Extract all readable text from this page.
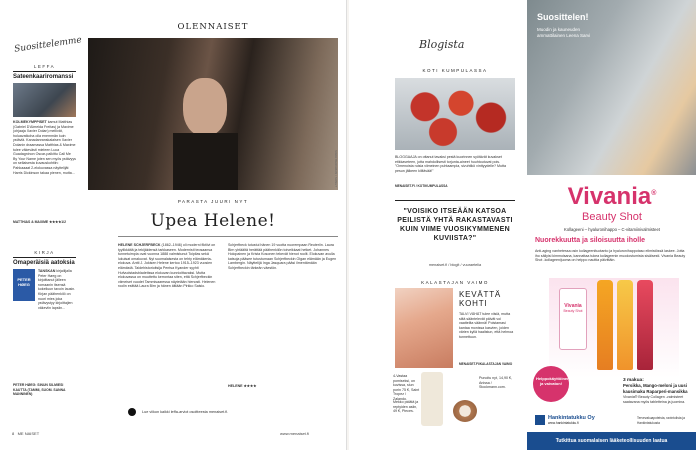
Suosittelemme
LEFFA
Sateenkaariromanssi
KOLMEKYMPPISET kamut Matthias (Gabriel D'Almeida Freitas) ja Maxime (ohjaaja Xavier Dolan) meilivät, holuavatkoha olla enemmän kuin ystäviä. Kanadanranskalaisen Xavier Dolanin draamassa Matthias & Maxime tulee väkevästi mieleen Luca Guadagninon Oscar-palkittu Call Me By Your Name joten sen myös ystävyys on sellaisesta kuvauskohtiin: Pahkaaaat 2-elokuvassa näyttelijät Harris Dickinson takaa pienen, mutta...
MATTHIAS & MAXIME ★★★★1/2
KIRJA
Omaperäisiä aatoksia
PETER HØEG
TANSKAN kirjailijalla Peter Høeg on kirjoittanut jälleen romaanin itsensä kokeiluun tavoin lausin. Kirjan päähenkilö on nuori mies joka ystävystyy kirjoittajien väkeviin lapsiin...
PETER HØEG: SINUN SILMIESI KAUTTA (TAMMI, SUOM. SANNA MANNINEN)
OLENNAISET
SIGGI BERGMAN / SONET
PARASTA JUURI NYT
Upea Helene!
HELENE SCHJERFBECK (1862–1946) oli moderni fiktiivi on tyylikkäitä ja tekijäidensä tarkkaseen. Modernisti teosaansa tunnetuimpia ovat vuonna 1888 valmistunut Toipilas sekä lukuisat omakuvat. Nyt suomalaisesta on tehty elämäkerta-elokuva. Antti J. Jokisen Helene kertoo 1915–1923 vuosien elämästä. Taidehistorioitsija Pentsa Kyander syyhti Hufvudstadsbladetissa elokuvan kunnioittavaksi. Mutta elokuvassa on muuttettu kerrontaa siten, että Schjerfbeckin viimeiset vuodet Tammisaaressa näytetään hienosti. Helenen roolin esittää Laura Birn ja hänen äitiään Pirkko Saisio.
Schjerfbeck tutustui hänen 19 vuotta nuorempaan Reuteriin. Laura Birn yhtäältä herättää päähenkilön toiveikkaat hetket. Johannes Holopainen ja Krista Kosonen tekevät hienot roolit. Elokuvan avulla katsoja pääsee tutustumaan Schjerfbeckin Olgan elämään ja Eugen Lambergin. Näyttelijä Inga Jasquara pääsi ilmentämään Schjerfbeckin tärkeän väestön.
HELENE ★★★★
Lue viikon kaikki leffa-arviot osoitteesta menaiset.fi.
8 ME NAISET	www.menaiset.fi
Blogista
KOTI KUMPULASSA
BLOGGAAJA on ottanut tavaksi pestä kuorinnen syötävät kuvakset etikkaveteen, jotta mahdollisesti torjunta-aineet huuhtoutuvat pois. "Omenoista ruisia viimeinen puhtaampia, sivuhtikö vinttyydelle? Mutta pesun jälkeen kiiltävää!"
MENAISET.FI / KOTIKUMPULASSA
"VOISIKO ITSEÄÄN KATSOA PEILISTÄ YHTÄ RAKASTAVASTI KUIN VIIME VUOSIKYMMENEN KUVIISTA?"
menaiset.fi / blogit / vuuraetelia
KALASTAJAN VAIMO
KEVÄTTÄ KOHTI
TALVI VÄHÄT tulee viisiä, mutta siitä sääntelevät päivät voi vaatteilta väännä! Poistamasi kantaa monissa kasvien, joiden värien kyllä haalistun, että helmoa tunnettuun.
MENAISET.FI/KALASTAJAN VAIMO
4-Vastaa pomiseksi, on kuvissa, siun porin 75 €, Saint Tropez / Zalando.
Mekko pidätä ja reptyiden asiin, 49 €, Pieces.
Punoitu nyt, 14,90 €, Anissa / Stockmann.com.
Suosittelen!
Muodin ja kauneuden ammattilainen Leena Sarvi
Vivania®
Beauty Shot
Kollageeni – hyaluronihappo – C-vitamiinivalmisteet
Nuorekkuutta ja siloisuutta iholle
Anti-aging vanhetessa osin kollageenituotanto ja hyaluronihappotaso elimistössä laskee. Jotta iho säilyisi kimmoisana, kannattaa tukea kollageenin muodostumista sisäisesti. Vivania Beauty Shot -kollageenijuoma on helppo nauttia päivittäin.
Vivania
Beauty Shot
Helppokäyttöinen ja vaivaton!
3 makua:
Persikka, Mango-meloni ja uusi kausimaku Raparperi-mansikka
Vivania® Beauty Collagen -valmisteet saatavana myös tabletteina ja juomina.
Hankintatukku Oy
www.hankintatukku.fi
Tervevakuapoteista, ravintolista ja Hankintatukusta
Tutkittua suomalaisen lääketeollisuuden laatua
